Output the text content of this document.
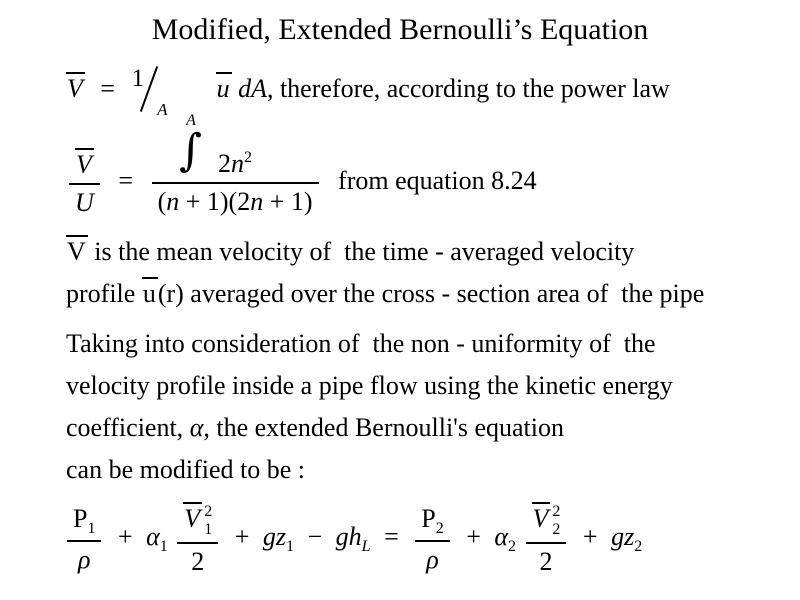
Modified, Extended Bernoulli’s Equation
V =
1

A

∫

A

u dA, therefore, according to the power law
$\frac{V}{U} = \frac{2n^2}{(n + 1)(2n + 1)}$ from equation 8.24
V is the mean velocity of  the time - averaged velocity
profile u(r) averaged over the cross - section area of  the pipe
Taking into consideration of  the non - uniformity of  the
velocity profile inside a pipe flow using the kinetic energy
coefficient, α, the extended Bernoulli's equation
can be modified to be :
$\frac{P_1}{\rho} + \alpha_1$ V 2
1
$2 + gz_1 - gh_L = \frac{P_2}{\rho} + \alpha_2$ V 2
2
$2 + gz_2$
